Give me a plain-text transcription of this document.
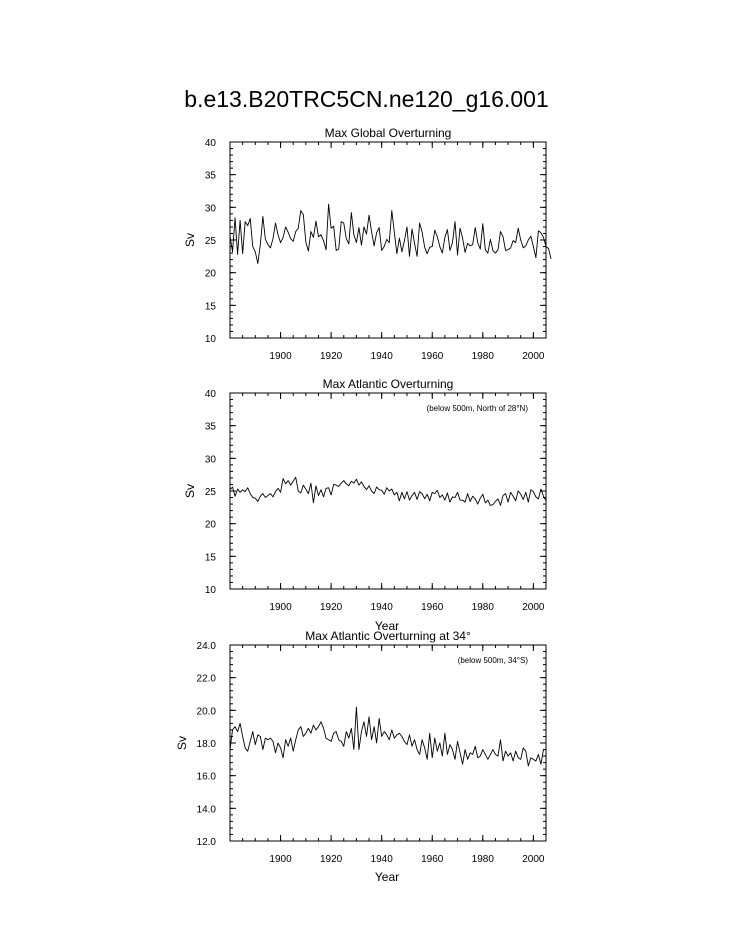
b.e13.B20TRC5CN.ne120_g16.001
1900	1920	1940	1960	1980	2000
10
15
20
25
30
35
40
Max Global Overturning
Sv
1900	1920	1940	1960	1980	2000
10
15
20
25
30
35
40
Max Atlantic Overturning
(below 500m, North of 28°N)
Sv
Year
1900	1920	1940	1960	1980	2000
12.0
14.0
16.0
18.0
20.0
22.0
24.0
Max Atlantic Overturning at 34°
(below 500m, 34°S)
Sv
Year
